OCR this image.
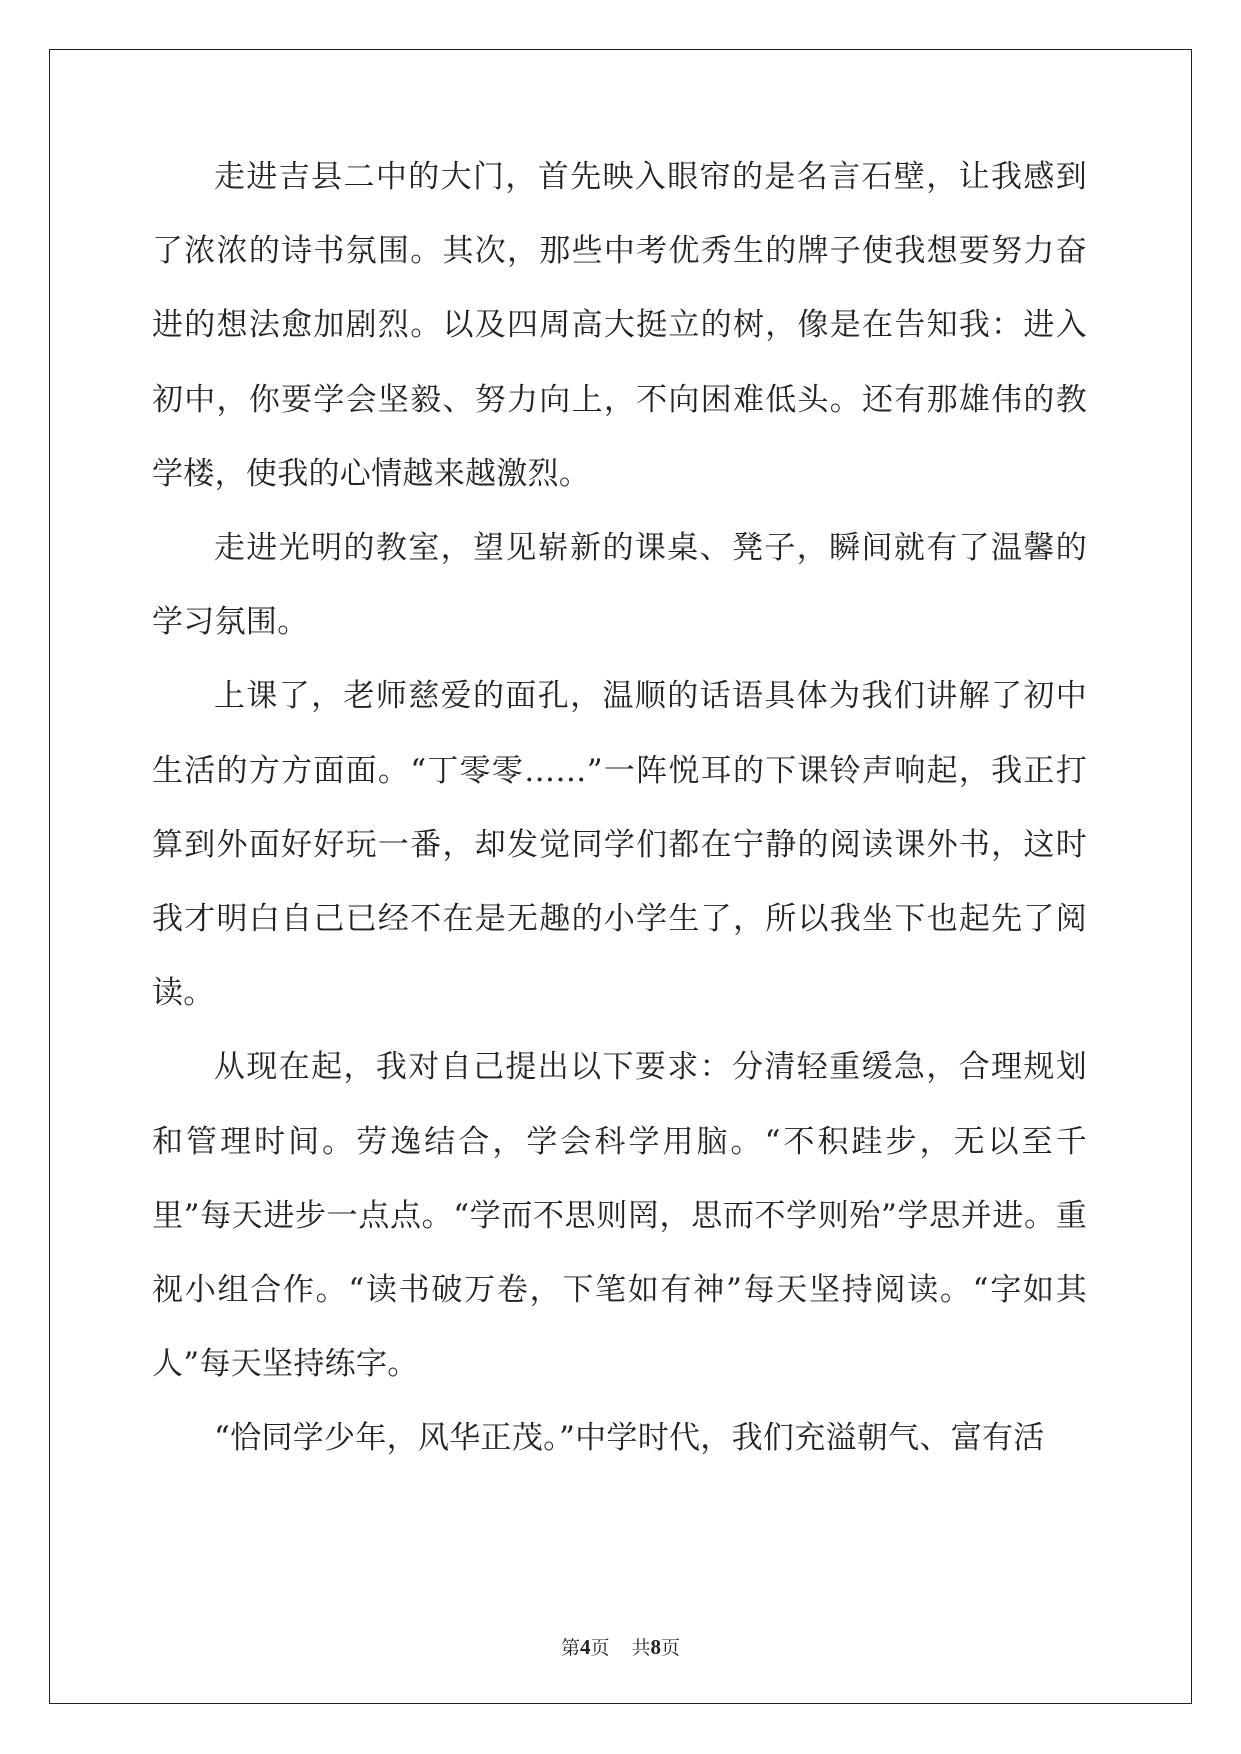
走进吉县二中的大门，首先映入眼帘的是名言石壁，让我感到了浓浓的诗书氛围。其次，那些中考优秀生的牌子使我想要努力奋进的想法愈加剧烈。以及四周高大挺立的树，像是在告知我：进入初中，你要学会坚毅、努力向上，不向困难低头。还有那雄伟的教学楼，使我的心情越来越激烈。

走进光明的教室，望见崭新的课桌、凳子，瞬间就有了温馨的学习氛围。

上课了，老师慈爱的面孔，温顺的话语具体为我们讲解了初中生活的方方面面。“丁零零……”一阵悦耳的下课铃声响起，我正打算到外面好好玩一番，却发觉同学们都在宁静的阅读课外书，这时我才明白自己已经不在是无趣的小学生了，所以我坐下也起先了阅读。

从现在起，我对自己提出以下要求：分清轻重缓急，合理规划和管理时间。劳逸结合，学会科学用脑。“不积跬步，无以至千里”每天进步一点点。“学而不思则罔，思而不学则殆”学思并进。重视小组合作。“读书破万卷，下笔如有神”每天坚持阅读。“字如其人”每天坚持练字。

“恰同学少年，风华正茂。”中学时代，我们充溢朝气、富有活

第4页 共8页
